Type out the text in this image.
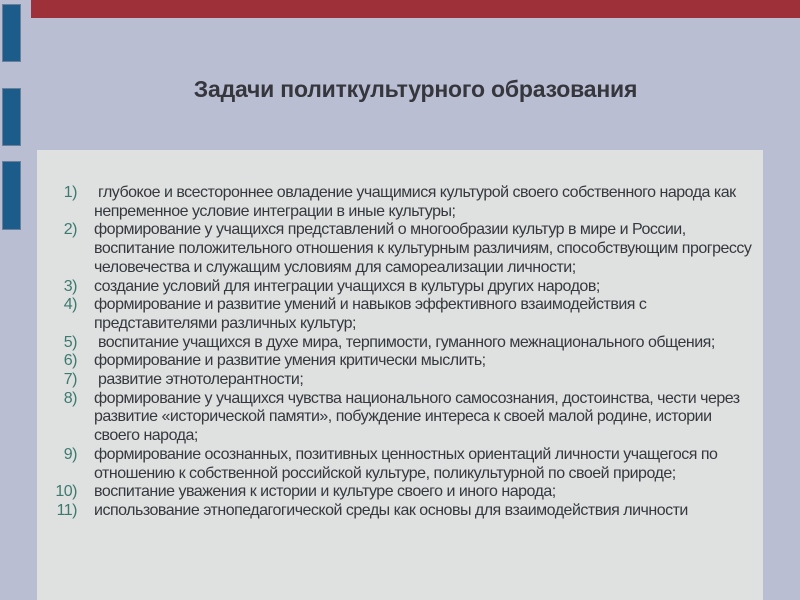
Задачи политкультурного образования
1) глубокое и всестороннее овладение учащимися культурой своего собственного народа как непременное условие интеграции в иные культуры;
2) формирование у учащихся представлений о многообразии культур в мире и России, воспитание положительного отношения к культурным различиям, способствующим прогрессу человечества и служащим условиям для самореализации личности;
3) создание условий для интеграции учащихся в культуры других народов;
4) формирование и развитие умений и навыков эффективного взаимодействия с представителями различных культур;
5) воспитание учащихся в духе мира, терпимости, гуманного межнационального общения;
6) формирование и развитие умения критически мыслить;
7) развитие этнотолерантности;
8) формирование у учащихся чувства национального самосознания, достоинства, чести через развитие «исторической памяти», побуждение интереса к своей малой родине, истории своего народа;
9) формирование осознанных, позитивных ценностных ориентаций личности учащегося по отношению к собственной российской культуре, поликультурной по своей природе;
10) воспитание уважения к истории и культуре своего и иного народа;
11) использование этнопедагогической среды как основы для взаимодействия личности
